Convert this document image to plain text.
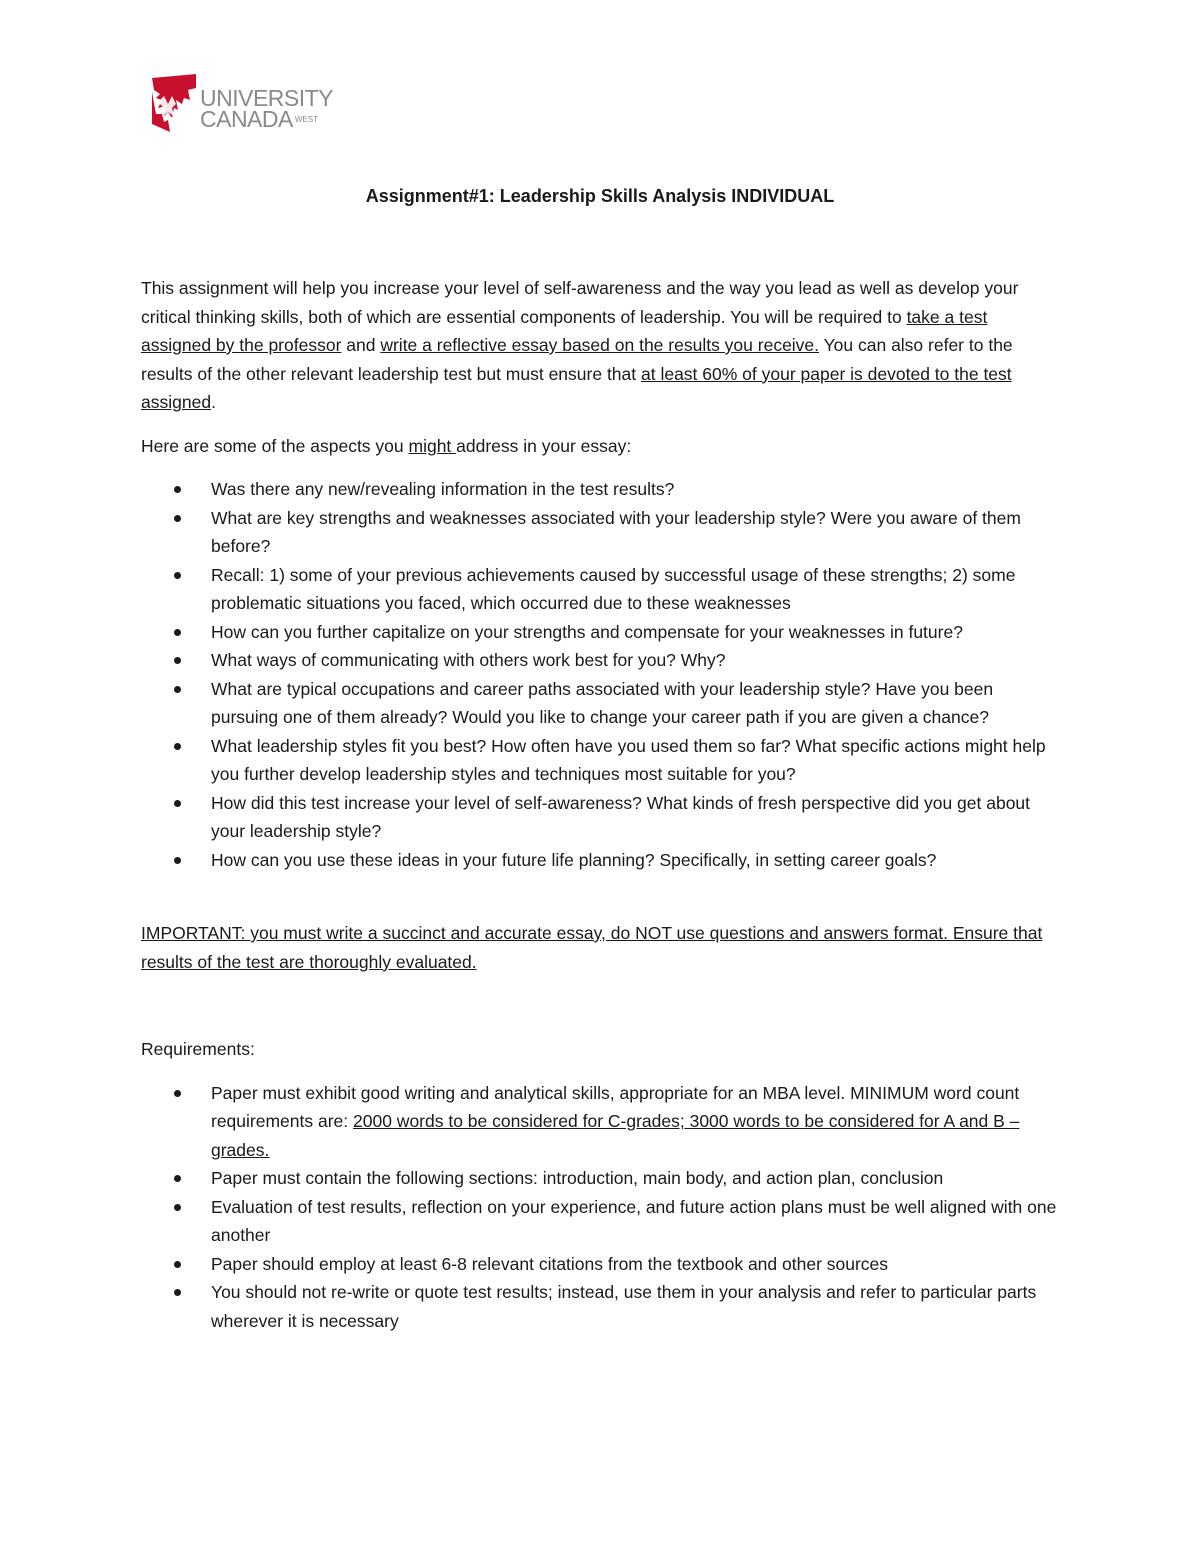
UNIVERSITY
CANADA WEST
Assignment#1: Leadership Skills Analysis INDIVIDUAL

This assignment will help you increase your level of self-awareness and the way you lead as well as develop your critical thinking skills, both of which are essential components of leadership. You will be required to take a test assigned by the professor and write a reflective essay based on the results you receive. You can also refer to the results of the other relevant leadership test but must ensure that at least 60% of your paper is devoted to the test assigned.

Here are some of the aspects you might address in your essay:

Was there any new/revealing information in the test results?
What are key strengths and weaknesses associated with your leadership style? Were you aware of them before?
Recall: 1) some of your previous achievements caused by successful usage of these strengths; 2) some problematic situations you faced, which occurred due to these weaknesses
How can you further capitalize on your strengths and compensate for your weaknesses in future?
What ways of communicating with others work best for you? Why?
What are typical occupations and career paths associated with your leadership style? Have you been pursuing one of them already? Would you like to change your career path if you are given a chance?
What leadership styles fit you best? How often have you used them so far? What specific actions might help you further develop leadership styles and techniques most suitable for you?
How did this test increase your level of self-awareness? What kinds of fresh perspective did you get about your leadership style?
How can you use these ideas in your future life planning? Specifically, in setting career goals?

IMPORTANT: you must write a succinct and accurate essay, do NOT use questions and answers format. Ensure that results of the test are thoroughly evaluated.

Requirements:

Paper must exhibit good writing and analytical skills, appropriate for an MBA level. MINIMUM word count requirements are: 2000 words to be considered for C-grades; 3000 words to be considered for A and B – grades.
Paper must contain the following sections: introduction, main body, and action plan, conclusion
Evaluation of test results, reflection on your experience, and future action plans must be well aligned with one another
Paper should employ at least 6-8 relevant citations from the textbook and other sources
You should not re-write or quote test results; instead, use them in your analysis and refer to particular parts wherever it is necessary
